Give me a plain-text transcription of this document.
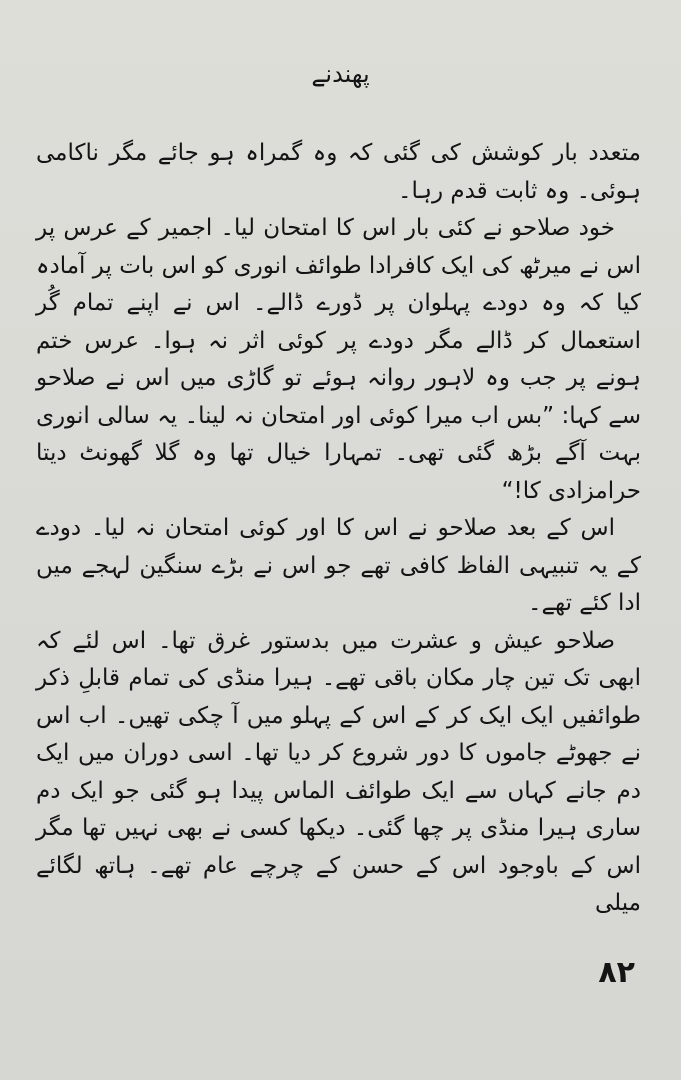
پھندنے

متعدد بار کوشش کی گئی کہ وہ گمراہ ہو جائے مگر ناکامی ہوئی۔ وہ ثابت قدم رہا۔

خود صلاحو نے کئی بار اس کا امتحان لیا۔ اجمیر کے عرس پر اس نے میرٹھ کی ایک کافرادا طوائف انوری کو اس بات پر آمادہ کیا کہ وہ دودے پہلوان پر ڈورے ڈالے۔ اس نے اپنے تمام گُر استعمال کر ڈالے مگر دودے پر کوئی اثر نہ ہوا۔ عرس ختم ہونے پر جب وہ لاہور روانہ ہوئے تو گاڑی میں اس نے صلاحو سے کہا: ”بس اب میرا کوئی اور امتحان نہ لینا۔ یہ سالی انوری بہت آگے بڑھ گئی تھی۔ تمہارا خیال تھا وہ گلا گھونٹ دیتا حرامزادی کا!“

اس کے بعد صلاحو نے اس کا اور کوئی امتحان نہ لیا۔ دودے کے یہ تنبیہی الفاظ کافی تھے جو اس نے بڑے سنگین لہجے میں ادا کئے تھے۔

صلاحو عیش و عشرت میں بدستور غرق تھا۔ اس لئے کہ ابھی تک تین چار مکان باقی تھے۔ ہیرا منڈی کی تمام قابلِ ذکر طوائفیں ایک ایک کر کے اس کے پہلو میں آ چکی تھیں۔ اب اس نے جھوٹے جاموں کا دور شروع کر دیا تھا۔ اسی دوران میں ایک دم جانے کہاں سے ایک طوائف الماس پیدا ہو گئی جو ایک دم ساری ہیرا منڈی پر چھا گئی۔ دیکھا کسی نے بھی نہیں تھا مگر اس کے باوجود اس کے حسن کے چرچے عام تھے۔ ہاتھ لگائے میلی

۸۲
